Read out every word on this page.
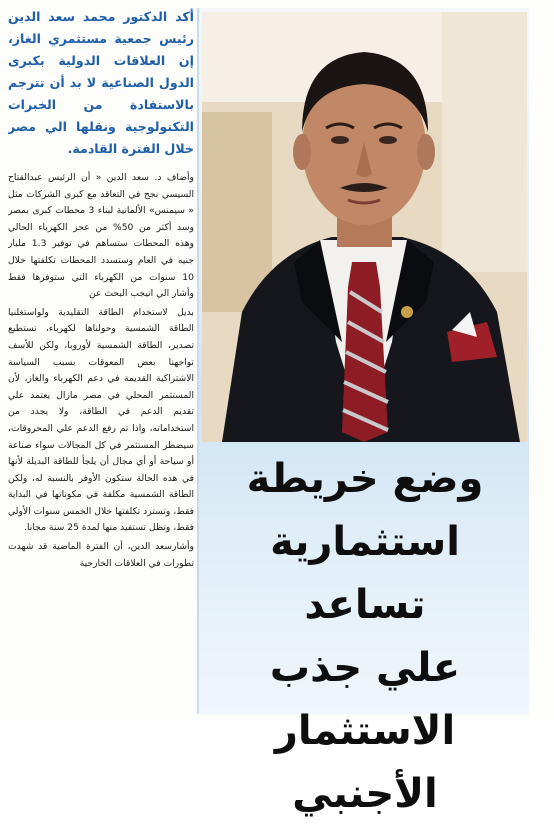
أكد الدكتور محمد سعد الدين رئيس جمعية مستثمري الغاز، إن العلاقات الدولية بكبرى الدول الصناعية لا بد أن تترجم بالاستفادة من الخبرات التكنولوجية ونقلها الي مصر خلال الفترة القادمة.

وأضاف د. سعد الدين « أن الرئيس عبدالفتاح السيسي نجح في التعاقد مع كبرى الشركات مثل « سيمنس» الألمانية لبناء 3 محطات كبرى بمصر وسد أكثر من 50% من عجز الكهرباء الحالي وهذه المحطات ستساهم في توفير 1.3 مليار جنيه في العام وستسدد المحطات تكلفتها خلال 10 سنوات من الكهرباء التي ستوفرها فقط وأشار الي انيجب البحث عن

بديل لاستخدام الطاقة التقليدية ولواستغلنيا الطاقة الشمسية وحولناها لكهرباء، نستطيع تصدير، الطاقة الشمسية لأوروبا، ولكن للأسف تواجهنا بعض المعوقات بسبب السياسة الاشتراكية القديمة في دعم الكهرباء والغاز، لأن المستثمر المحلي في مصر مازال يعتمد علي تقديم الدعم في الطاقة، ولا يجدد من استخداماته، واذا تم رفع الدعم علي المحروقات، سيضطر المستثمر في كل المجالات سواء صناعة أو سياحة أو أي مجال أن يلجأ للطاقة البديلة لأنها في هذه الحالة ستكون الأوفر بالنسبة له، ولكن الطاقة الشمسية مكلفة في مكوناتها في البداية فقط، وتسترد تكلفتها خلال الخمس سنوات الأولي فقط، وتظل تستفيد منها لمدة 25 سنة مجانا.

وأشارسعد الدين، أن الفترة الماضية قد شهدت تطورات في العلاقات الخارجية

وضع خريطة
استثمارية تساعد
علي جذب
الاستثمار الأجنبي
